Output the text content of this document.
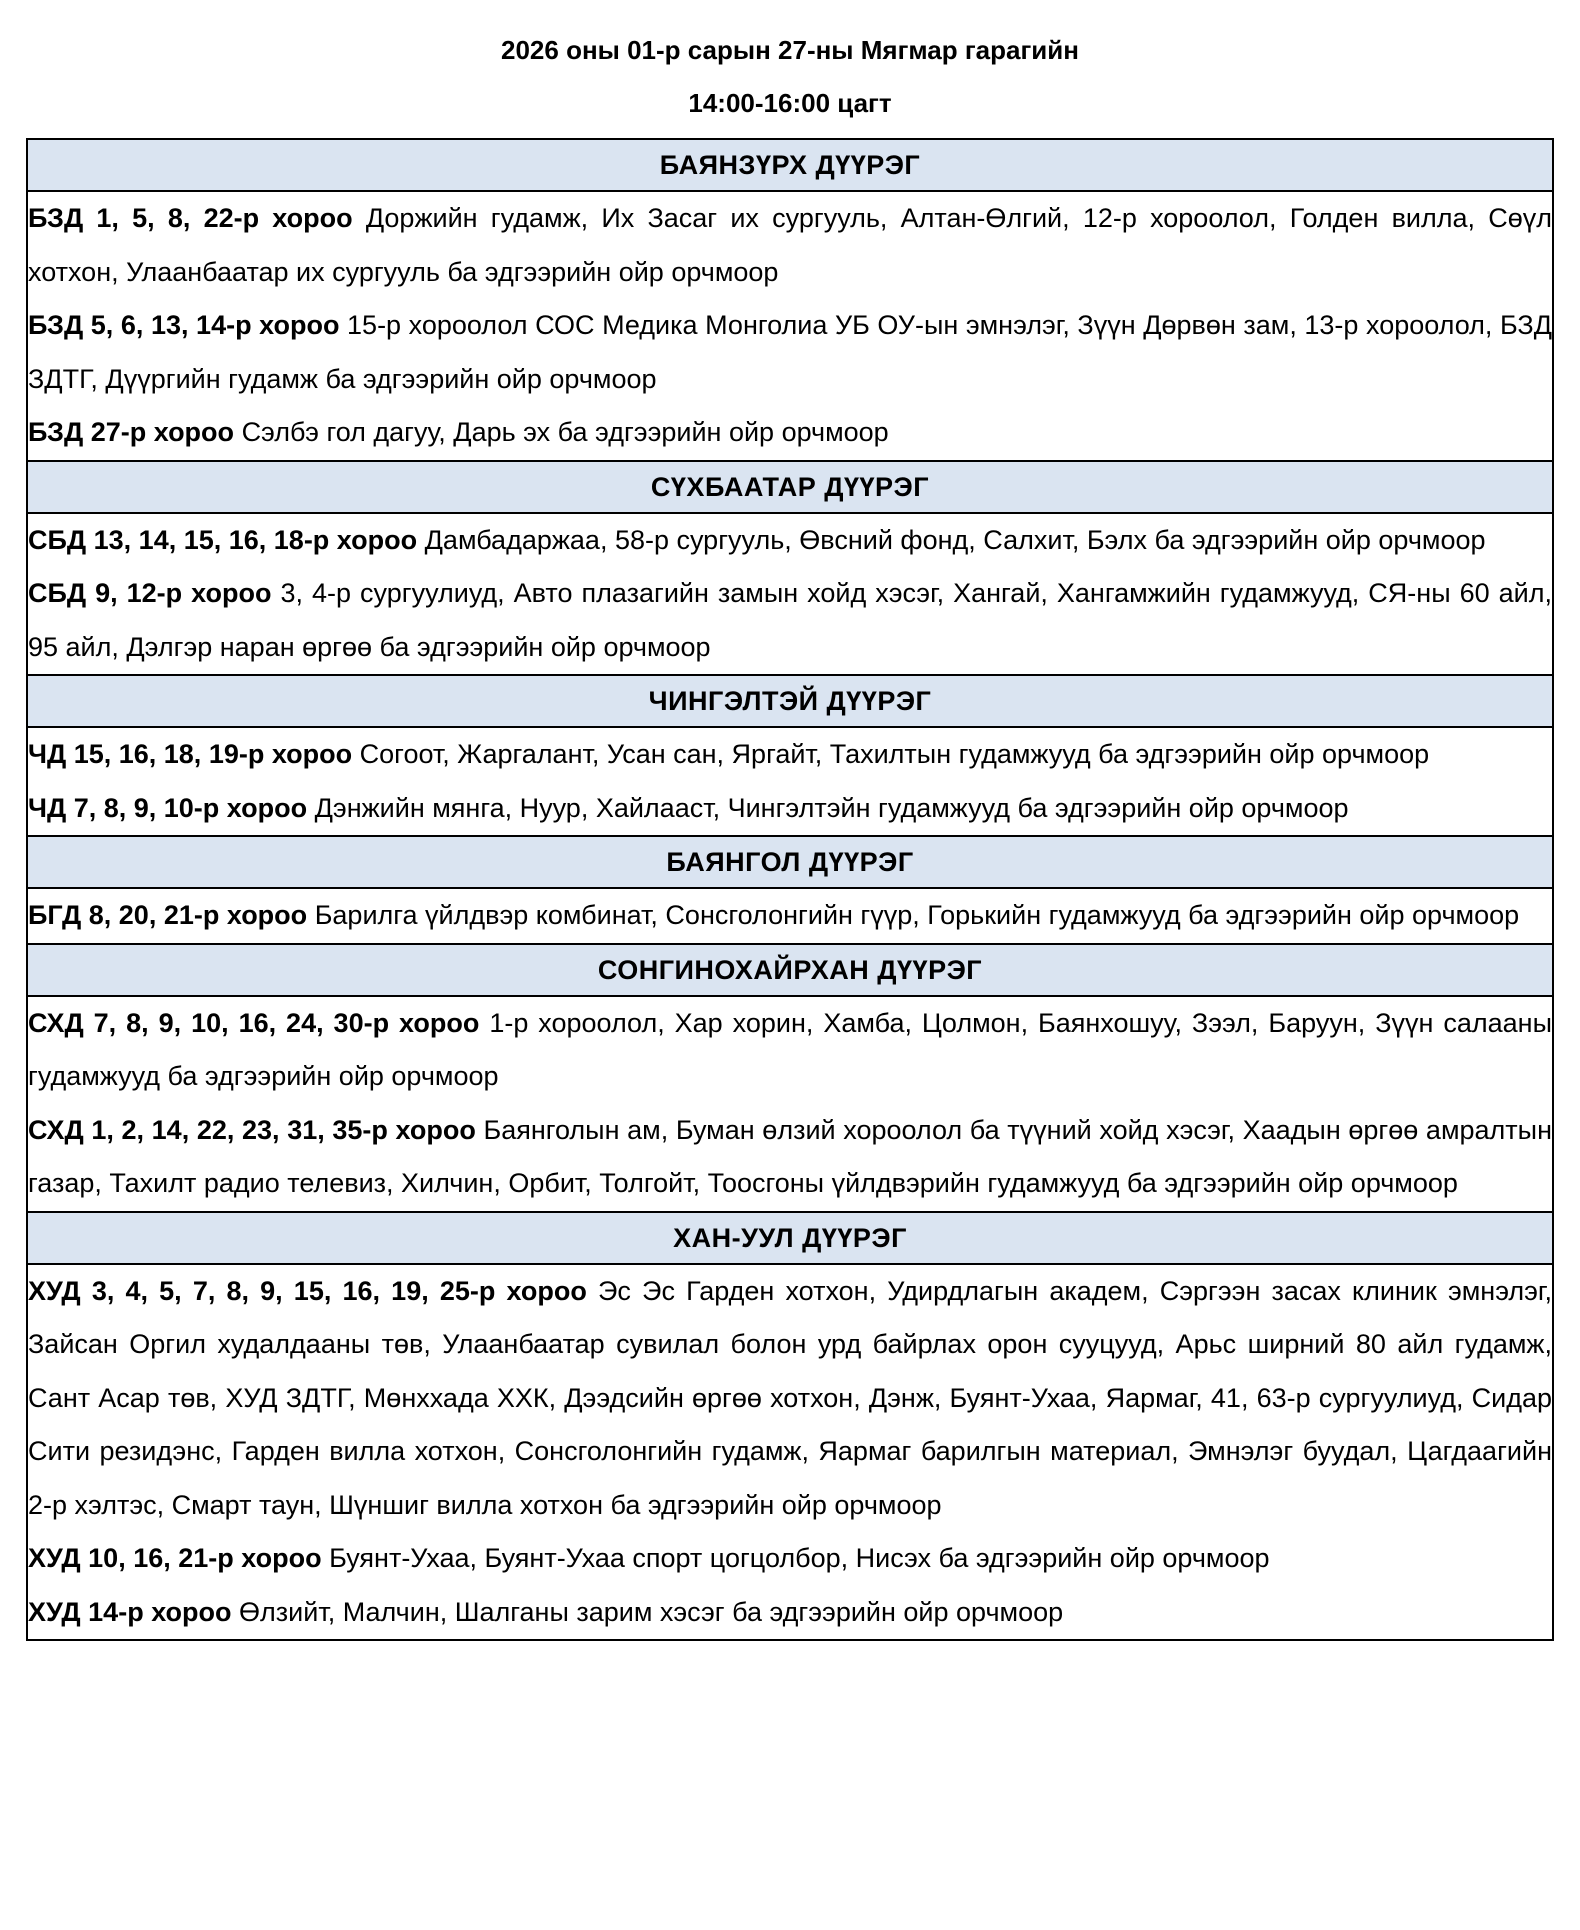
2026 оны 01-р сарын 27-ны Мягмар гарагийн
14:00-16:00 цагт
БАЯНЗҮРХ ДҮҮРЭГ

БЗД 1, 5, 8, 22-р хороо Доржийн гудамж, Их Засаг их сургууль, Алтан-Өлгий, 12-р хороолол, Голден вилла, Сөүл хотхон, Улаанбаатар их сургууль ба эдгээрийн ойр орчмоор

БЗД 5, 6, 13, 14-р хороо 15-р хороолол СОС Медика Монголиа УБ ОУ-ын эмнэлэг, Зүүн Дөрвөн зам, 13-р хороолол, БЗД ЗДТГ, Дүүргийн гудамж ба эдгээрийн ойр орчмоор

БЗД 27-р хороо Сэлбэ гол дагуу, Дарь эх ба эдгээрийн ойр орчмоор

СҮХБААТАР ДҮҮРЭГ

СБД 13, 14, 15, 16, 18-р хороо Дамбадаржаа, 58-р сургууль, Өвсний фонд, Салхит, Бэлх ба эдгээрийн ойр орчмоор

СБД 9, 12-р хороо 3, 4-р сургуулиуд, Авто плазагийн замын хойд хэсэг, Хангай, Хангамжийн гудамжууд, СЯ-ны 60 айл, 95 айл, Дэлгэр наран өргөө ба эдгээрийн ойр орчмоор

ЧИНГЭЛТЭЙ ДҮҮРЭГ

ЧД 15, 16, 18, 19-р хороо Согоот, Жаргалант, Усан сан, Яргайт, Тахилтын гудамжууд ба эдгээрийн ойр орчмоор

ЧД 7, 8, 9, 10-р хороо Дэнжийн мянга, Нуур, Хайлааст, Чингэлтэйн гудамжууд ба эдгээрийн ойр орчмоор

БАЯНГОЛ ДҮҮРЭГ

БГД 8, 20, 21-р хороо Барилга үйлдвэр комбинат, Сонсголонгийн гүүр, Горькийн гудамжууд ба эдгээрийн ойр орчмоор

СОНГИНОХАЙРХАН ДҮҮРЭГ

СХД 7, 8, 9, 10, 16, 24, 30-р хороо 1-р хороолол, Хар хорин, Хамба, Цолмон, Баянхошуу, Зээл, Баруун, Зүүн салааны гудамжууд ба эдгээрийн ойр орчмоор

СХД 1, 2, 14, 22, 23, 31, 35-р хороо Баянголын ам, Буман өлзий хороолол ба түүний хойд хэсэг, Хаадын өргөө амралтын газар, Тахилт радио телевиз, Хилчин, Орбит, Толгойт, Тоосгоны үйлдвэрийн гудамжууд ба эдгээрийн ойр орчмоор

ХАН-УУЛ ДҮҮРЭГ

ХУД 3, 4, 5, 7, 8, 9, 15, 16, 19, 25-р хороо Эс Эс Гарден хотхон, Удирдлагын академ, Сэргээн засах клиник эмнэлэг, Зайсан Оргил худалдааны төв, Улаанбаатар сувилал болон урд байрлах орон сууцууд, Арьс ширний 80 айл гудамж, Сант Асар төв, ХУД ЗДТГ, Мөнххада ХХК, Дээдсийн өргөө хотхон, Дэнж, Буянт-Ухаа, Яармаг, 41, 63-р сургуулиуд, Сидар Сити резидэнс, Гарден вилла хотхон, Сонсголонгийн гудамж, Яармаг барилгын материал, Эмнэлэг буудал, Цагдаагийн 2-р хэлтэс, Смарт таун, Шүншиг вилла хотхон ба эдгээрийн ойр орчмоор

ХУД 10, 16, 21-р хороо Буянт-Ухаа, Буянт-Ухаа спорт цогцолбор, Нисэх ба эдгээрийн ойр орчмоор

ХУД 14-р хороо Өлзийт, Малчин, Шалганы зарим хэсэг ба эдгээрийн ойр орчмоор
